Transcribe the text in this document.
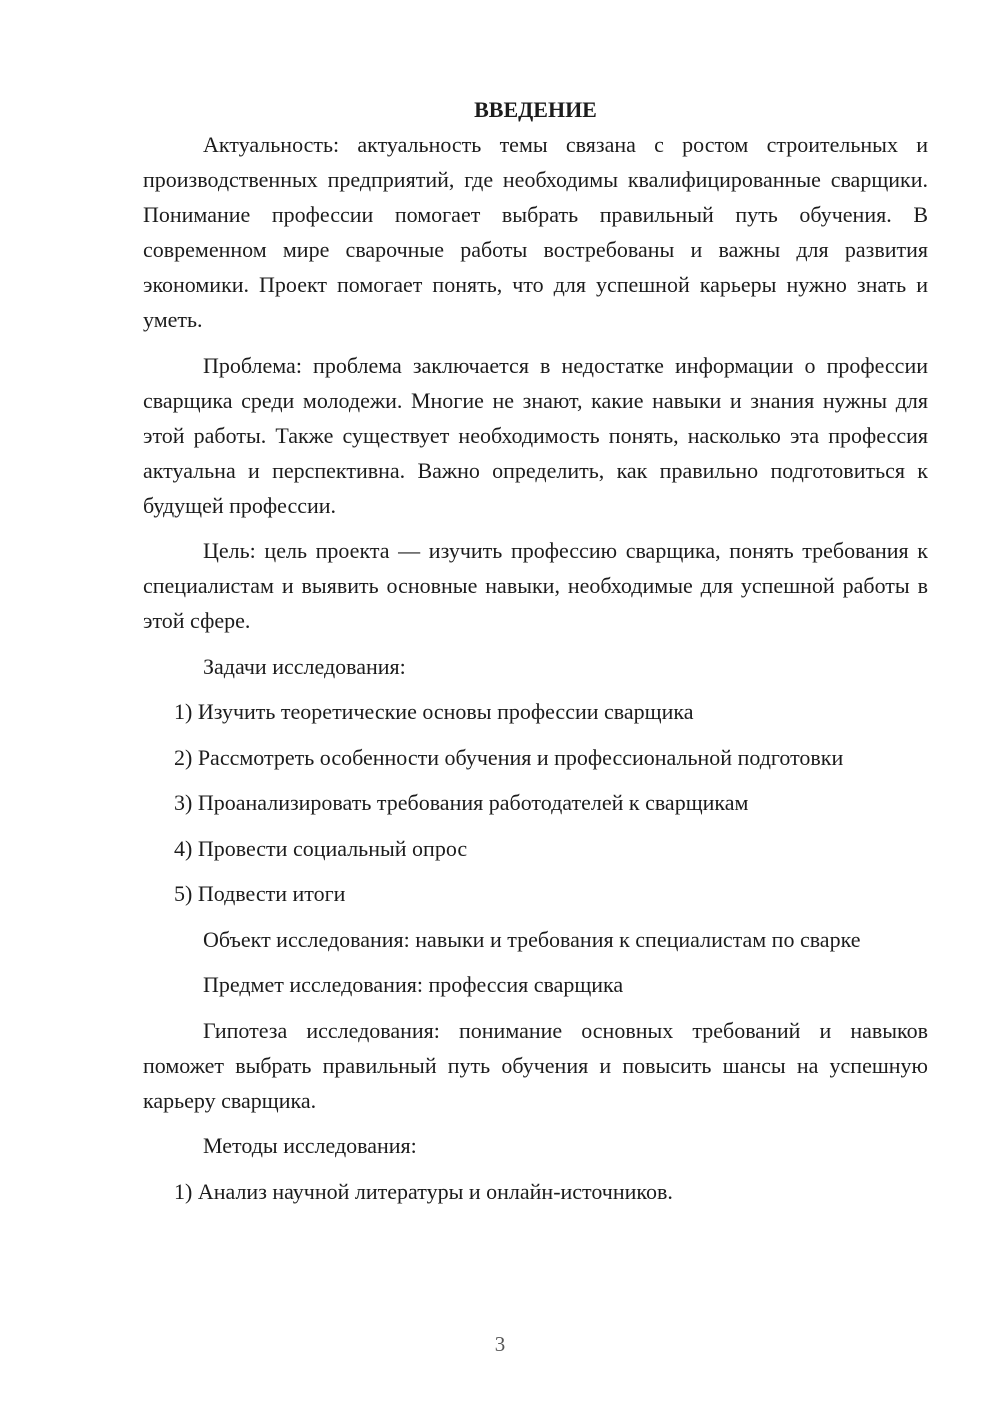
ВВЕДЕНИЕ

Актуальность: актуальность темы связана с ростом строительных и производственных предприятий, где необходимы квалифицированные сварщики. Понимание профессии помогает выбрать правильный путь обучения. В современном мире сварочные работы востребованы и важны для развития экономики. Проект помогает понять, что для успешной карьеры нужно знать и уметь.

Проблема: проблема заключается в недостатке информации о профессии сварщика среди молодежи. Многие не знают, какие навыки и знания нужны для этой работы. Также существует необходимость понять, насколько эта профессия актуальна и перспективна. Важно определить, как правильно подготовиться к будущей профессии.

Цель: цель проекта — изучить профессию сварщика, понять требования к специалистам и выявить основные навыки, необходимые для успешной работы в этой сфере.

Задачи исследования:

1) Изучить теоретические основы профессии сварщика

2) Рассмотреть особенности обучения и профессиональной подготовки

3) Проанализировать требования работодателей к сварщикам

4) Провести социальный опрос

5) Подвести итоги

Объект исследования: навыки и требования к специалистам по сварке

Предмет исследования: профессия сварщика

Гипотеза исследования: понимание основных требований и навыков поможет выбрать правильный путь обучения и повысить шансы на успешную карьеру сварщика.

Методы исследования:

1) Анализ научной литературы и онлайн-источников.

3
